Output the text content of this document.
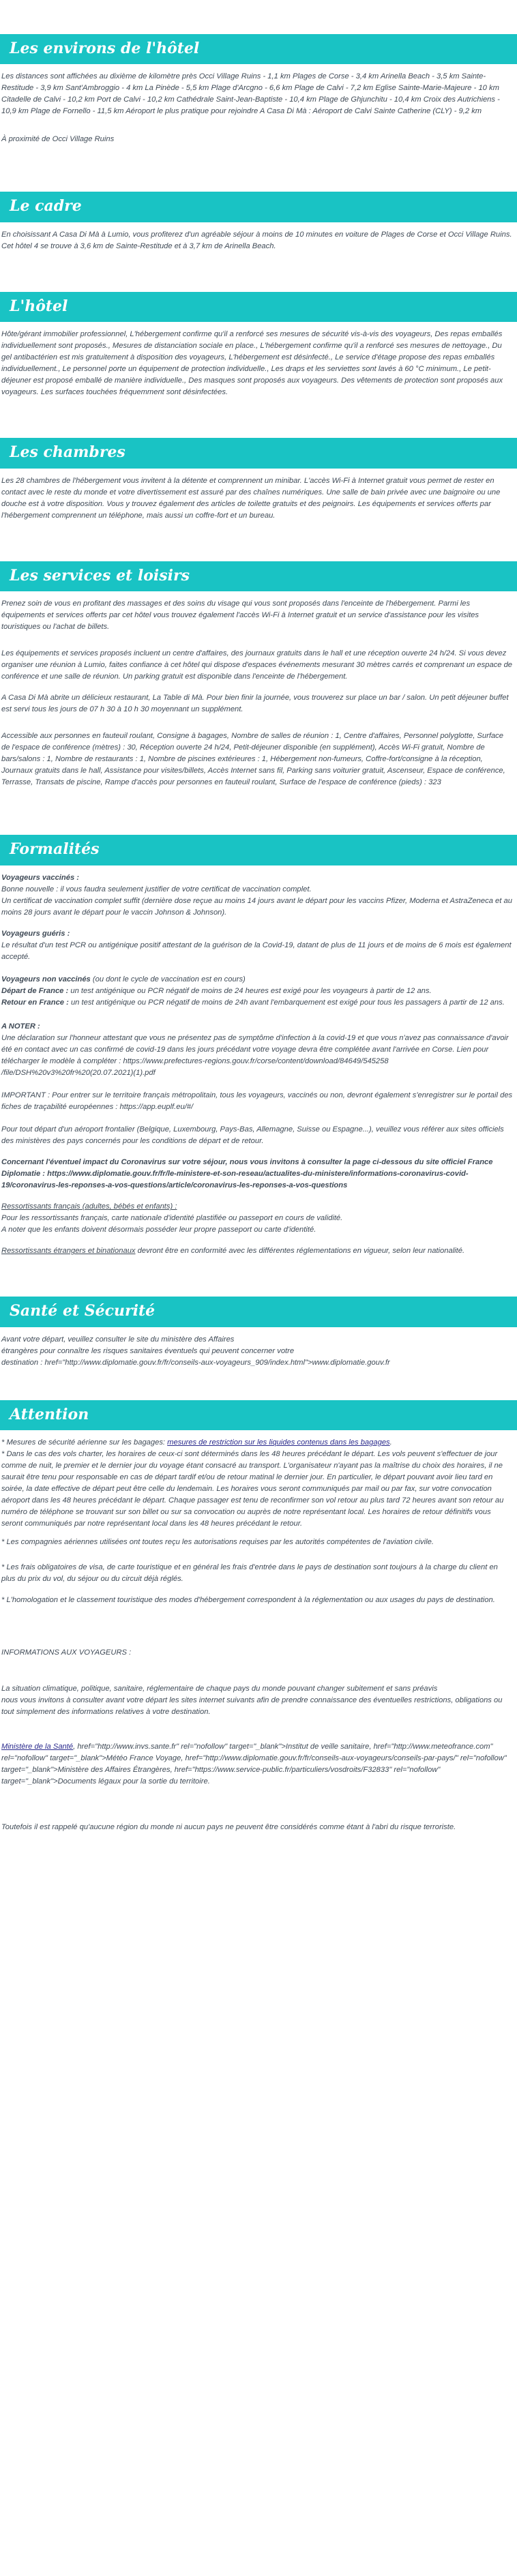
Les environs de l'hôtel

Les distances sont affichées au dixième de kilomètre près Occi Village Ruins - 1,1 km Plages de Corse - 3,4 km Arinella Beach - 3,5 km Sainte-Restitude - 3,9 km Sant'Ambroggio - 4 km La Pinède - 5,5 km Plage d'Arcgno - 6,6 km Plage de Calvi - 7,2 km Eglise Sainte-Marie-Majeure - 10 km Citadelle de Calvi - 10,2 km Port de Calvi - 10,2 km Cathédrale Saint-Jean-Baptiste - 10,4 km Plage de Ghjunchitu - 10,4 km Croix des Autrichiens - 10,9 km Plage de Fornello - 11,5 km Aéroport le plus pratique pour rejoindre A Casa Di Mà : Aéroport de Calvi Sainte Catherine (CLY) - 9,2 km

À proximité de Occi Village Ruins

Le cadre

En choisissant A Casa Di Mà à Lumio, vous profiterez d'un agréable séjour à moins de 10 minutes en voiture de Plages de Corse et Occi Village Ruins. Cet hôtel 4 se trouve à 3,6 km de Sainte-Restitude et à 3,7 km de Arinella Beach.

L'hôtel

Hôte/gérant immobilier professionnel, L'hébergement confirme qu'il a renforcé ses mesures de sécurité vis-à-vis des voyageurs, Des repas emballés individuellement sont proposés., Mesures de distanciation sociale en place., L'hébergement confirme qu'il a renforcé ses mesures de nettoyage., Du gel antibactérien est mis gratuitement à disposition des voyageurs, L'hébergement est désinfecté., Le service d'étage propose des repas emballés individuellement., Le personnel porte un équipement de protection individuelle., Les draps et les serviettes sont lavés à 60 °C minimum., Le petit-déjeuner est proposé emballé de manière individuelle., Des masques sont proposés aux voyageurs. Des vêtements de protection sont proposés aux voyageurs. Les surfaces touchées fréquemment sont désinfectées.

Les chambres

Les 28 chambres de l'hébergement vous invitent à la détente et comprennent un minibar. L'accès Wi-Fi à Internet gratuit vous permet de rester en contact avec le reste du monde et votre divertissement est assuré par des chaînes numériques. Une salle de bain privée avec une baignoire ou une douche est à votre disposition. Vous y trouvez également des articles de toilette gratuits et des peignoirs. Les équipements et services offerts par l'hébergement comprennent un téléphone, mais aussi un coffre-fort et un bureau.

Les services et loisirs

Prenez soin de vous en profitant des massages et des soins du visage qui vous sont proposés dans l'enceinte de l'hébergement. Parmi les équipements et services offerts par cet hôtel vous trouvez également l'accès Wi-Fi à Internet gratuit et un service d'assistance pour les visites touristiques ou l'achat de billets.

Les équipements et services proposés incluent un centre d'affaires, des journaux gratuits dans le hall et une réception ouverte 24 h/24. Si vous devez organiser une réunion à Lumio, faites confiance à cet hôtel qui dispose d'espaces événements mesurant 30 mètres carrés et comprenant un espace de conférence et une salle de réunion. Un parking gratuit est disponible dans l'enceinte de l'hébergement.

A Casa Di Mà abrite un délicieux restaurant, La Table di Mà. Pour bien finir la journée, vous trouverez sur place un bar / salon. Un petit déjeuner buffet est servi tous les jours de 07 h 30 à 10 h 30 moyennant un supplément.

Accessible aux personnes en fauteuil roulant, Consigne à bagages, Nombre de salles de réunion : 1, Centre d'affaires, Personnel polyglotte, Surface de l'espace de conférence (mètres) : 30, Réception ouverte 24 h/24, Petit-déjeuner disponible (en supplément), Accès Wi-Fi gratuit, Nombre de bars/salons : 1, Nombre de restaurants : 1, Nombre de piscines extérieures : 1, Hébergement non-fumeurs, Coffre-fort/consigne à la réception, Journaux gratuits dans le hall, Assistance pour visites/billets, Accès Internet sans fil, Parking sans voiturier gratuit, Ascenseur, Espace de conférence, Terrasse, Transats de piscine, Rampe d'accès pour personnes en fauteuil roulant, Surface de l'espace de conférence (pieds) : 323

Formalités

Voyageurs vaccinés :

Bonne nouvelle : il vous faudra seulement justifier de votre certificat de vaccination complet.

Un certificat de vaccination complet suffit (dernière dose reçue au moins 14 jours avant le départ pour les vaccins Pfizer, Moderna et AstraZeneca et au moins 28 jours avant le départ pour le vaccin Johnson & Johnson).

Voyageurs guéris :

Le résultat d'un test PCR ou antigénique positif attestant de la guérison de la Covid-19, datant de plus de 11 jours et de moins de 6 mois est également accepté.

Voyageurs non vaccinés (ou dont le cycle de vaccination est en cours)

Départ de France : un test antigénique ou PCR négatif de moins de 24 heures est exigé pour les voyageurs à partir de 12 ans.

Retour en France : un test antigénique ou PCR négatif de moins de 24h avant l'embarquement est exigé pour tous les passagers à partir de 12 ans.

A NOTER :

Une déclaration sur l'honneur attestant que vous ne présentez pas de symptôme d'infection à la covid-19 et que vous n'avez pas connaissance d'avoir été en contact avec un cas confirmé de covid-19 dans les jours précédant votre voyage devra être complétée avant l'arrivée en Corse. Lien pour télécharger le modèle à compléter : https://www.prefectures-regions.gouv.fr/corse/content/download/84649/545258 /file/DSH%20v3%20fr%20(20.07.2021)(1).pdf

IMPORTANT : Pour entrer sur le territoire français métropolitain, tous les voyageurs, vaccinés ou non, devront également s'enregistrer sur le portail des fiches de traçabilité européennes : https://app.euplf.eu/#/

Pour tout départ d'un aéroport frontalier (Belgique, Luxembourg, Pays-Bas, Allemagne, Suisse ou Espagne...), veuillez vous référer aux sites officiels des ministères des pays concernés pour les conditions de départ et de retour.

Concernant l'éventuel impact du Coronavirus sur votre séjour, nous vous invitons à consulter la page ci-dessous du site officiel France Diplomatie : https://www.diplomatie.gouv.fr/fr/le-ministere-et-son-reseau/actualites-du-ministere/informations-coronavirus-covid-19/coronavirus-les-reponses-a-vos-questions/article/coronavirus-les-reponses-a-vos-questions

Ressortissants français (adultes, bébés et enfants) :

Pour les ressortissants français, carte nationale d'identité plastifiée ou passeport en cours de validité.

A noter que les enfants doivent désormais posséder leur propre passeport ou carte d'identité.

Ressortissants étrangers et binationaux devront être en conformité avec les différentes réglementations en vigueur, selon leur nationalité.

Santé et Sécurité

Avant votre départ, veuillez consulter le site du ministère des Affaires

étrangères pour connaître les risques sanitaires éventuels qui peuvent concerner votre

destination : href="http://www.diplomatie.gouv.fr/fr/conseils-aux-voyageurs_909/index.html">www.diplomatie.gouv.fr

Attention

* Mesures de sécurité aérienne sur les bagages: mesures de restriction sur les liquides contenus dans les bagages.

* Dans le cas des vols charter, les horaires de ceux-ci sont déterminés dans les 48 heures précédant le départ. Les vols peuvent s'effectuer de jour comme de nuit, le premier et le dernier jour du voyage étant consacré au transport. L'organisateur n'ayant pas la maîtrise du choix des horaires, il ne saurait être tenu pour responsable en cas de départ tardif et/ou de retour matinal le dernier jour. En particulier, le départ pouvant avoir lieu tard en soirée, la date effective de départ peut être celle du lendemain. Les horaires vous seront communiqués par mail ou par fax, sur votre convocation aéroport dans les 48 heures précédant le départ. Chaque passager est tenu de reconfirmer son vol retour au plus tard 72 heures avant son retour au numéro de téléphone se trouvant sur son billet ou sur sa convocation ou auprès de notre représentant local. Les horaires de retour définitifs vous seront communiqués par notre représentant local dans les 48 heures précédant le retour.

* Les compagnies aériennes utilisées ont toutes reçu les autorisations requises par les autorités compétentes de l'aviation civile.

* Les frais obligatoires de visa, de carte touristique et en général les frais d'entrée dans le pays de destination sont toujours à la charge du client en plus du prix du vol, du séjour ou du circuit déjà réglés.

* L'homologation et le classement touristique des modes d'hébergement correspondent à la réglementation ou aux usages du pays de destination.

INFORMATIONS AUX VOYAGEURS :

La situation climatique, politique, sanitaire, réglementaire de chaque pays du monde pouvant changer subitement et sans préavis

nous vous invitons à consulter avant votre départ les sites internet suivants afin de prendre connaissance des éventuelles restrictions, obligations ou tout simplement des informations relatives à votre destination.

Ministère de la Santé, href="http://www.invs.sante.fr" rel="nofollow" target="_blank">Institut de veille sanitaire, href="http://www.meteofrance.com" rel="nofollow" target="_blank">Météo France Voyage, href="http://www.diplomatie.gouv.fr/fr/conseils-aux-voyageurs/conseils-par-pays/" rel="nofollow" target="_blank">Ministère des Affaires Étrangères, href="https://www.service-public.fr/particuliers/vosdroits/F32833" rel="nofollow" target="_blank">Documents légaux pour la sortie du territoire.

Toutefois il est rappelé qu'aucune région du monde ni aucun pays ne peuvent être considérés comme étant à l'abri du risque terroriste.
